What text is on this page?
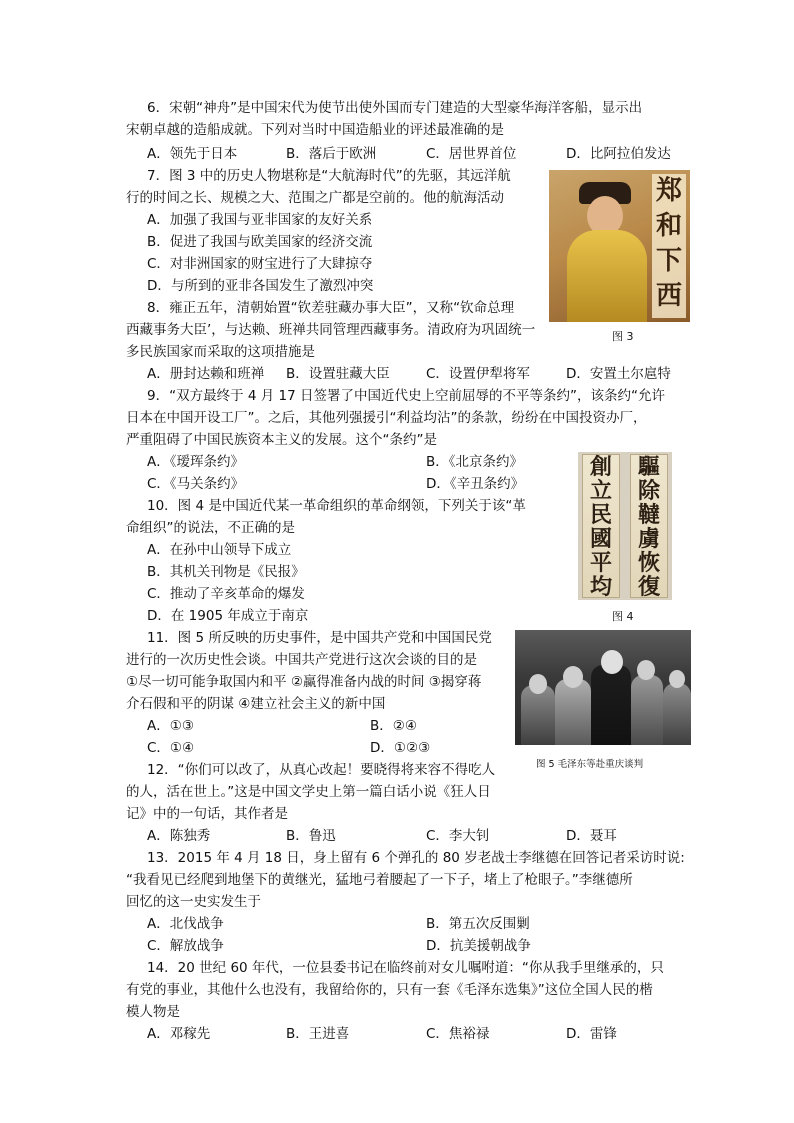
6．宋朝“神舟”是中国宋代为使节出使外国而专门建造的大型豪华海洋客船，显示出
宋朝卓越的造船成就。下列对当时中国造船业的评述最准确的是
A．领先于日本	B．落后于欧洲	C．居世界首位	D．比阿拉伯发达
7．图 3 中的历史人物堪称是“大航海时代”的先驱，其远洋航
行的时间之长、规模之大、范围之广都是空前的。他的航海活动
A．加强了我国与亚非国家的友好关系
B．促进了我国与欧美国家的经济交流
C．对非洲国家的财宝进行了大肆掠夺
D．与所到的亚非各国发生了激烈冲突
郑
和
下
西
图 3
8．雍正五年，清朝始置“钦差驻藏办事大臣”，又称“钦命总理
西藏事务大臣’，与达赖、班禅共同管理西藏事务。清政府为巩固统一
多民族国家而采取的这项措施是
A．册封达赖和班禅 B．设置驻藏大臣	C．设置伊犁将军	D．安置土尔扈特
9．“双方最终于 4 月 17 日签署了中国近代史上空前屈辱的不平等条约”，该条约“允许
日本在中国开设工厂”。之后，其他列强援引“利益均沾”的条款，纷纷在中国投资办厂，
严重阻碍了中国民族资本主义的发展。这个“条约”是
A．《瑷珲条约》	B．《北京条约》
C．《马关条约》	D．《辛丑条约》
創
立
民
國
平
均
驅
除
韃
虜
恢
復
图 4
10．图 4 是中国近代某一革命组织的革命纲领，下列关于该“革
命组织”的说法，不正确的是
A．在孙中山领导下成立
B．其机关刊物是《民报》
C．推动了辛亥革命的爆发
D．在 1905 年成立于南京
11．图 5 所反映的历史事件，是中国共产党和中国国民党
进行的一次历史性会谈。中国共产党进行这次会谈的目的是
①尽一切可能争取国内和平 ②赢得准备内战的时间 ③揭穿蒋
介石假和平的阴谋 ④建立社会主义的新中国
A．①③	B．②④
C．①④	D．①②③
图 5 毛泽东等赴重庆谈判
12．“你们可以改了，从真心改起！要晓得将来容不得吃人
的人，活在世上。”这是中国文学史上第一篇白话小说《狂人日
记》中的一句话，其作者是
A．陈独秀	B．鲁迅	C．李大钊	D．聂耳
13．2015 年 4 月 18 日，身上留有 6 个弹孔的 80 岁老战士李继德在回答记者采访时说:
“我看见已经爬到地堡下的黄继光，猛地弓着腰起了一下子，堵上了枪眼子。”李继德所
回忆的这一史实发生于
A．北伐战争	B．第五次反围剿
C．解放战争	D．抗美援朝战争
14．20 世纪 60 年代，一位县委书记在临终前对女儿嘱咐道：“你从我手里继承的，只
有党的事业，其他什么也没有，我留给你的，只有一套《毛泽东选集》”这位全国人民的楷
模人物是
A．邓稼先	B．王进喜	C．焦裕禄	D．雷锋
